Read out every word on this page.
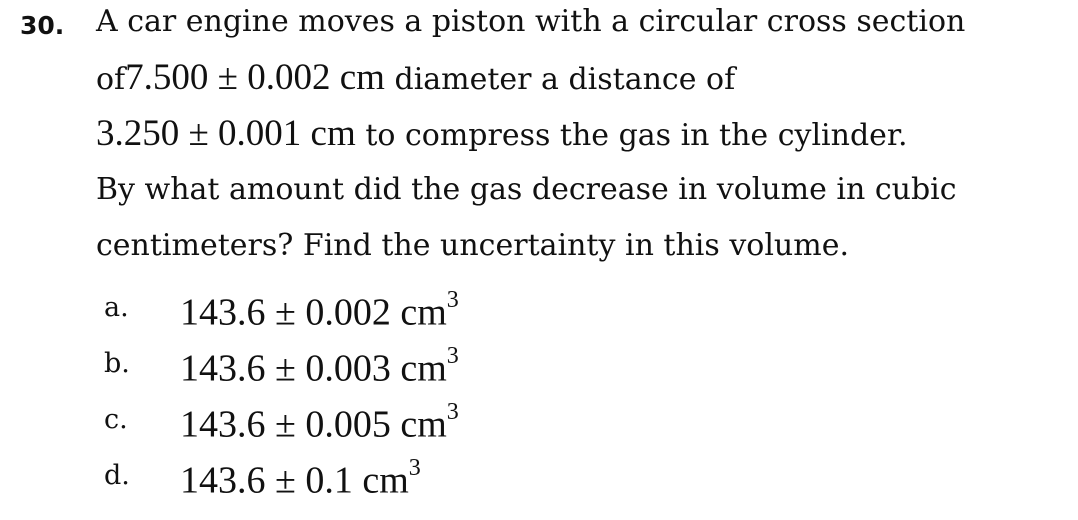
30. A car engine moves a piston with a circular cross section
of7.500 ± 0.002 cm diameter a distance of
3.250 ± 0.001 cm to compress the gas in the cylinder.
By what amount did the gas decrease in volume in cubic
centimeters? Find the uncertainty in this volume.
a. 143.6 ± 0.002 $cm^3$
b. 143.6 ± 0.003 $cm^3$
c. 143.6 ± 0.005 $cm^3$
d. 143.6 ± 0.1 $cm^3$
